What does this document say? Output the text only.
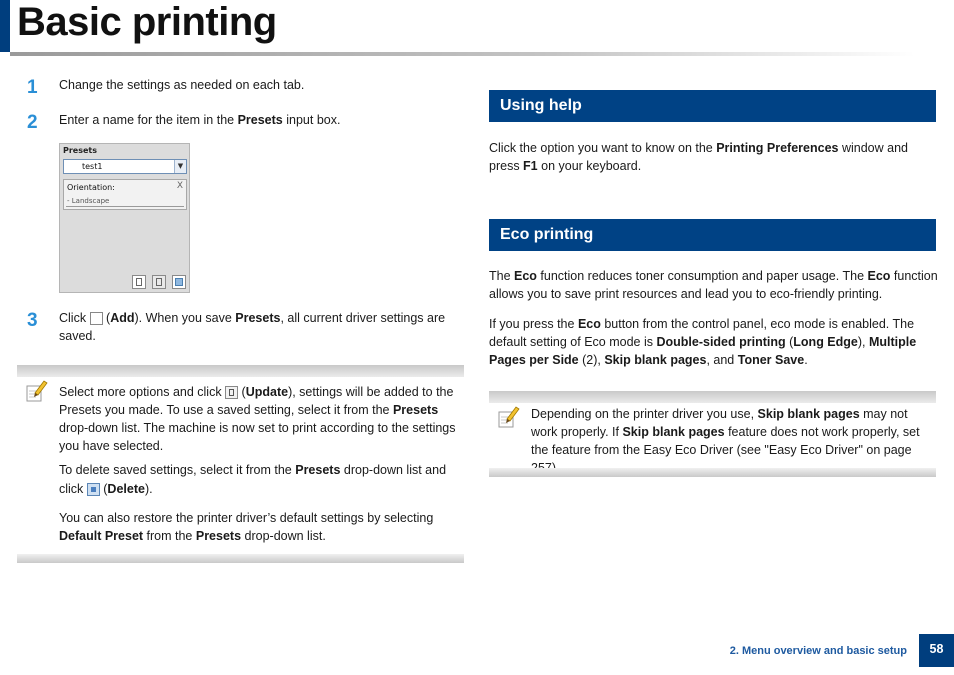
Basic printing
1	Change the settings as needed on each tab.
2	Enter a name for the item in the Presets input box.
Presets
test1	▼
Orientation:	X
- Landscape
3	Click  (Add). When you save Presets, all current driver settings are saved.

Select more options and click  (Update), settings will be added to the Presets you made. To use a saved setting, select it from the Presets drop-down list. The machine is now set to print according to the settings you have selected.

To delete saved settings, select it from the Presets drop-down list and click  (Delete).

You can also restore the printer driver’s default settings by selecting Default Preset from the Presets drop-down list.

Using help
Click the option you want to know on the Printing Preferences window and press F1 on your keyboard.
Eco printing
The Eco function reduces toner consumption and paper usage. The Eco function allows you to save print resources and lead you to eco-friendly printing.
If you press the Eco button from the control panel, eco mode is enabled. The default setting of Eco mode is Double-sided printing (Long Edge), Multiple Pages per Side (2), Skip blank pages, and Toner Save.

Depending on the printer driver you use, Skip blank pages may not work properly. If Skip blank pages feature does not work properly, set the feature from the Easy Eco Driver (see "Easy Eco Driver" on page

2. Menu overview and basic setup	58
